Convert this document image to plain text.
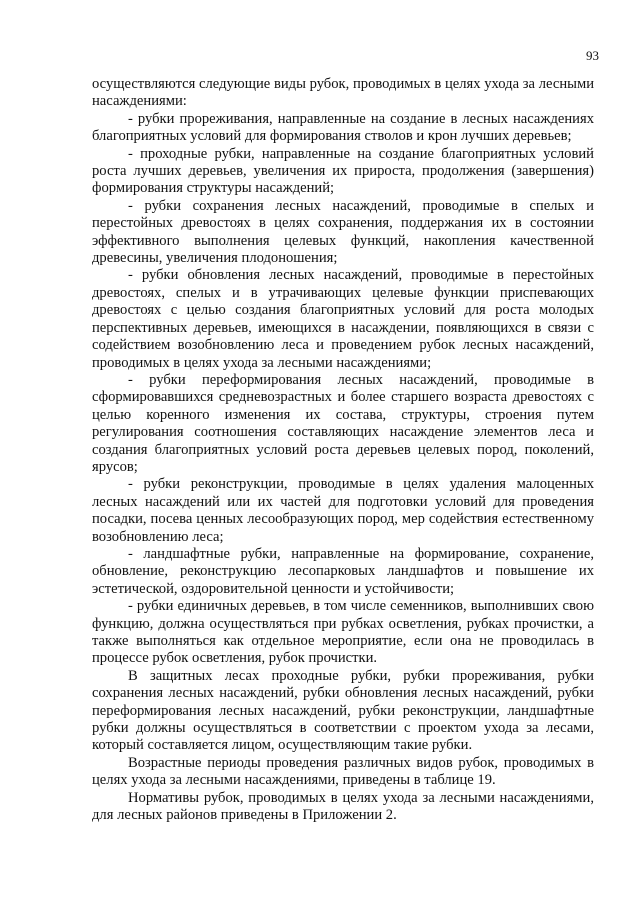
93

осуществляются следующие виды рубок, проводимых в целях ухода за лесными насаждениями:

- рубки прореживания, направленные на создание в лесных насаждениях благоприятных условий для формирования стволов и крон лучших деревьев;

- проходные рубки, направленные на создание благоприятных условий роста лучших деревьев, увеличения их прироста, продолжения (завершения) формирования структуры насаждений;

- рубки сохранения лесных насаждений, проводимые в спелых и перестойных древостоях в целях сохранения, поддержания их в состоянии эффективного выполнения целевых функций, накопления качественной древесины, увеличения плодоношения;

- рубки обновления лесных насаждений, проводимые в перестойных древостоях, спелых и в утрачивающих целевые функции приспевающих древостоях с целью создания благоприятных условий для роста молодых перспективных деревьев, имеющихся в насаждении, появляющихся в связи с содействием возобновлению леса и проведением рубок лесных насаждений, проводимых в целях ухода за лесными насаждениями;

- рубки переформирования лесных насаждений, проводимые в сформировавшихся средневозрастных и более старшего возраста древостоях с целью коренного изменения их состава, структуры, строения путем регулирования соотношения составляющих насаждение элементов леса и создания благоприятных условий роста деревьев целевых пород, поколений, ярусов;

- рубки реконструкции, проводимые в целях удаления малоценных лесных насаждений или их частей для подготовки условий для проведения посадки, посева ценных лесообразующих пород, мер содействия естественному возобновлению леса;

- ландшафтные рубки, направленные на формирование, сохранение, обновление, реконструкцию лесопарковых ландшафтов и повышение их эстетической, оздоровительной ценности и устойчивости;

- рубки единичных деревьев, в том числе семенников, выполнивших свою функцию, должна осуществляться при рубках осветления, рубках прочистки, а также выполняться как отдельное мероприятие, если она не проводилась в процессе рубок осветления, рубок прочистки.

В защитных лесах проходные рубки, рубки прореживания, рубки сохранения лесных насаждений, рубки обновления лесных насаждений, рубки переформирования лесных насаждений, рубки реконструкции, ландшафтные рубки должны осуществляться в соответствии с проектом ухода за лесами, который составляется лицом, осуществляющим такие рубки.

Возрастные периоды проведения различных видов рубок, проводимых в целях ухода за лесными насаждениями, приведены в таблице 19.

Нормативы рубок, проводимых в целях ухода за лесными насаждениями, для лесных районов приведены в Приложении 2.
